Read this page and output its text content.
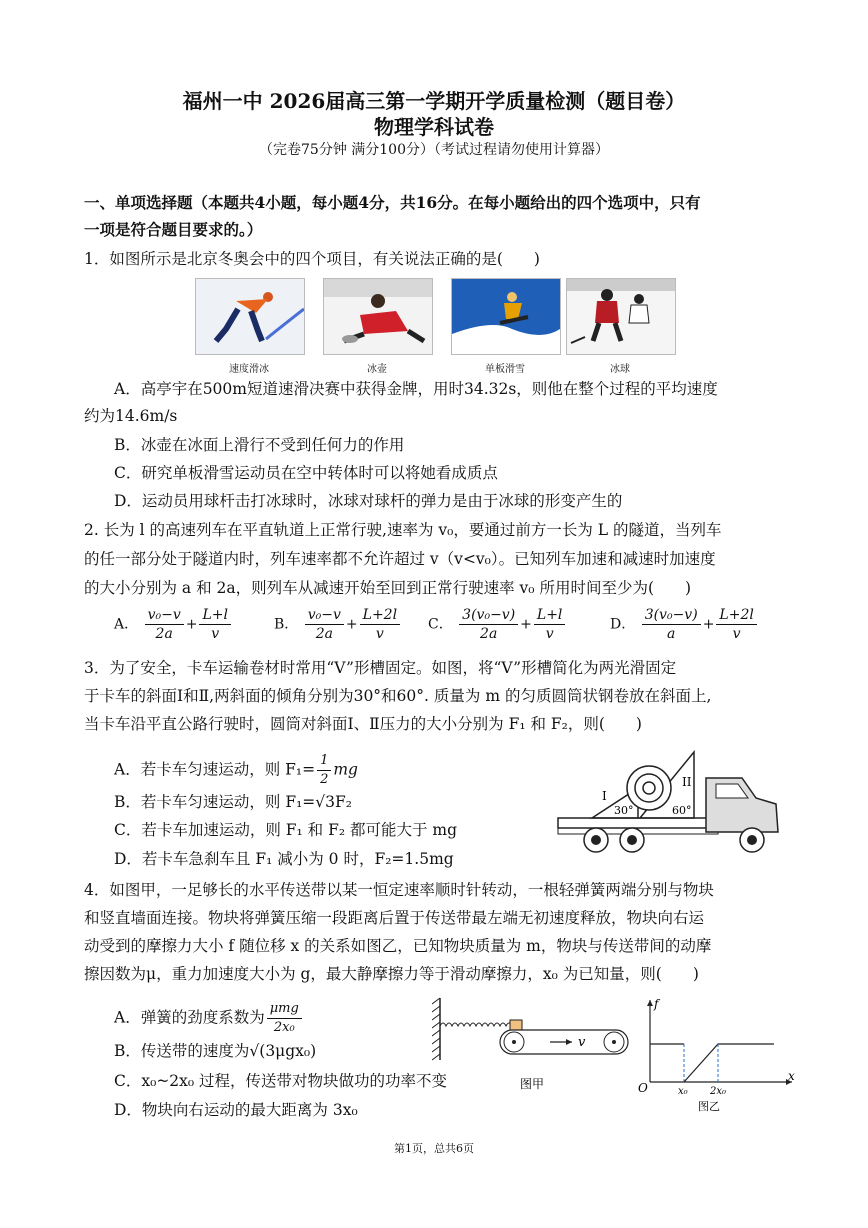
福州一中 2026届高三第一学期开学质量检测（题目卷）
物理学科试卷
（完卷75分钟 满分100分）（考试过程请勿使用计算器）
一、单项选择题（本题共4小题，每小题4分，共16分。在每小题给出的四个选项中，只有
一项是符合题目要求的。）
1．如图所示是北京冬奥会中的四个项目，有关说法正确的是(　　)
速度滑冰	冰壶	单板滑雪	冰球
A．高亭宇在500m短道速滑决赛中获得金牌，用时34.32s，则他在整个过程的平均速度
约为14.6m/s
B．冰壶在冰面上滑行不受到任何力的作用
C．研究单板滑雪运动员在空中转体时可以将她看成质点
D．运动员用球杆击打冰球时，冰球对球杆的弹力是由于冰球的形变产生的
2. 长为 l 的高速列车在平直轨道上正常行驶,速率为 v₀，要通过前方一长为 L 的隧道，当列车
的任一部分处于隧道内时，列车速率都不允许超过 v（v<v₀）。已知列车加速和减速时加速度
的大小分别为 a 和 2a，则列车从减速开始至回到正常行驶速率 v₀ 所用时间至少为(　　)
A． $\frac{\text{v₀−v}}{2a} + \frac{L+l}{v}$	B． $\frac{\text{v₀−v}}{2a} + \frac{L+2l}{v}$ C． $\frac{\text{3(v₀−v)}}{2a} + \frac{L+l}{v}$	D． $\frac{\text{3(v₀−v)}}{a} + \frac{L+2l}{v}$
3．为了安全，卡车运输卷材时常用“V”形槽固定。如图，将“V”形槽简化为两光滑固定
于卡车的斜面Ⅰ和Ⅱ,两斜面的倾角分别为30°和60°. 质量为 m 的匀质圆筒状钢卷放在斜面上,
当卡车沿平直公路行驶时，圆筒对斜面Ⅰ、Ⅱ压力的大小分别为 F₁ 和 F₂，则(　　)
A．若卡车匀速运动，则 $F_1= \frac{1}{2}$ mg
B．若卡车匀速运动，则 F₁=√3F₂
C．若卡车加速运动，则 F₁ 和 F₂ 都可能大于 mg
D．若卡车急刹车且 F₁ 减小为 0 时，F₂=1.5mg
I
II
30°	60°
4．如图甲，一足够长的水平传送带以某一恒定速率顺时针转动，一根轻弹簧两端分别与物块
和竖直墙面连接。物块将弹簧压缩一段距离后置于传送带最左端无初速度释放，物块向右运
动受到的摩擦力大小 f 随位移 x 的关系如图乙，已知物块质量为 m，物块与传送带间的动摩
擦因数为μ，重力加速度大小为 g，最大静摩擦力等于滑动摩擦力，x₀ 为已知量，则(　　)
A．弹簧的劲度系数为 $\frac{\text{μmg}}{\text{2x₀}}$
B．传送带的速度为√(3μgx₀)
C．x₀~2x₀ 过程，传送带对物块做功的功率不变
D．物块向右运动的最大距离为 3x₀
v
图甲
f
x
O	x₀ 2x₀
图乙
第1页，总共6页
